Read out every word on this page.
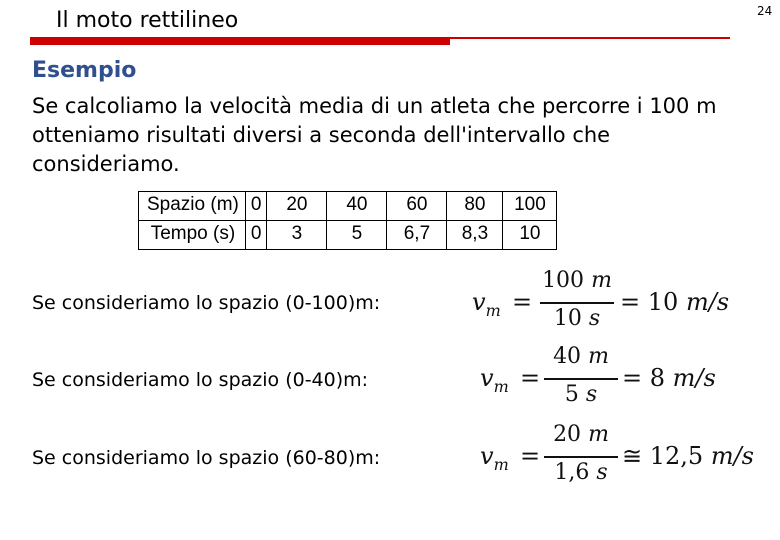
Il moto rettilineo	24
Esempio
Se calcoliamo la velocità media di un atleta che percorre i 100 m otteniamo risultati diversi a seconda dell'intervallo che consideriamo.
Spazio (m)	0	20	40	60	80	100
Tempo (s)	0	3	5	6,7	8,3	10
Se consideriamo lo spazio (0-100)m:	$v_m$ =
100 m
10 s
= 10 m/s
Se consideriamo lo spazio (0-40)m:	$v_m$ =
40 m
5 s
= 8 m/s
Se consideriamo lo spazio (60-80)m:	$v_m$ =
20 m
1,6 s
≅ 12,5 m/s
